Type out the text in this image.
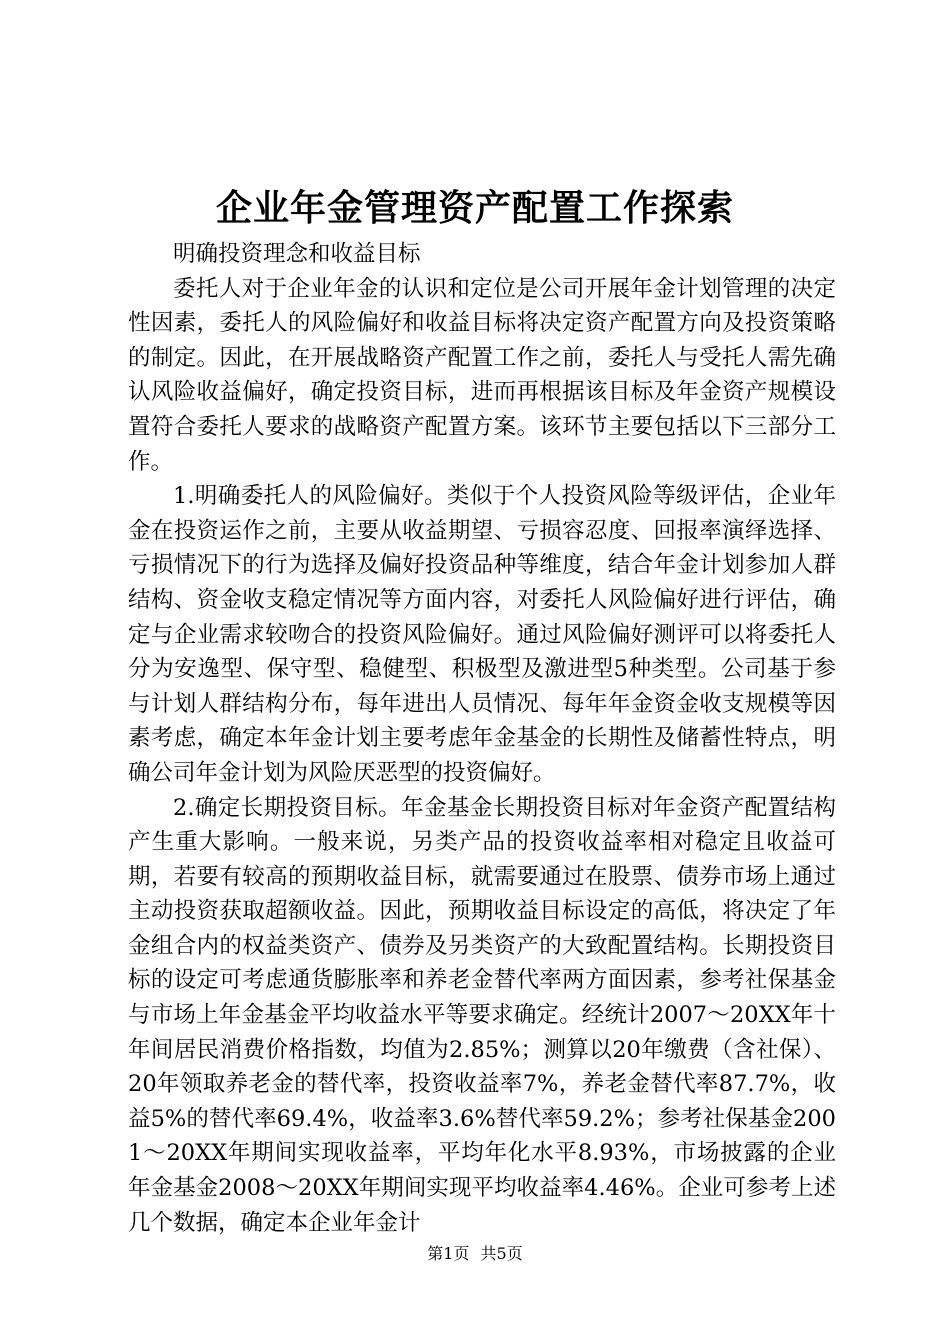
企业年金管理资产配置工作探索

明确投资理念和收益目标

委托人对于企业年金的认识和定位是公司开展年金计划管理的决定性因素，委托人的风险偏好和收益目标将决定资产配置方向及投资策略的制定。因此，在开展战略资产配置工作之前，委托人与受托人需先确认风险收益偏好，确定投资目标，进而再根据该目标及年金资产规模设置符合委托人要求的战略资产配置方案。该环节主要包括以下三部分工作。

1.明确委托人的风险偏好。类似于个人投资风险等级评估，企业年金在投资运作之前，主要从收益期望、亏损容忍度、回报率演绎选择、亏损情况下的行为选择及偏好投资品种等维度，结合年金计划参加人群结构、资金收支稳定情况等方面内容，对委托人风险偏好进行评估，确定与企业需求较吻合的投资风险偏好。通过风险偏好测评可以将委托人分为安逸型、保守型、稳健型、积极型及激进型5种类型。公司基于参与计划人群结构分布，每年进出人员情况、每年年金资金收支规模等因素考虑，确定本年金计划主要考虑年金基金的长期性及储蓄性特点，明确公司年金计划为风险厌恶型的投资偏好。

2.确定长期投资目标。年金基金长期投资目标对年金资产配置结构产生重大影响。一般来说，另类产品的投资收益率相对稳定且收益可期，若要有较高的预期收益目标，就需要通过在股票、债券市场上通过主动投资获取超额收益。因此，预期收益目标设定的高低，将决定了年金组合内的权益类资产、债券及另类资产的大致配置结构。长期投资目标的设定可考虑通货膨胀率和养老金替代率两方面因素，参考社保基金与市场上年金基金平均收益水平等要求确定。经统计2007～20XX年十年间居民消费价格指数，均值为2.85%；测算以20年缴费（含社保）、20年领取养老金的替代率，投资收益率7%，养老金替代率87.7%，收益5%的替代率69.4%，收益率3.6%替代率59.2%；参考社保基金2001～20XX年期间实现收益率，平均年化水平8.93%，市场披露的企业年金基金2008～20XX年期间实现平均收益率4.46%。企业可参考上述几个数据，确定本企业年金计

第1页 共5页
